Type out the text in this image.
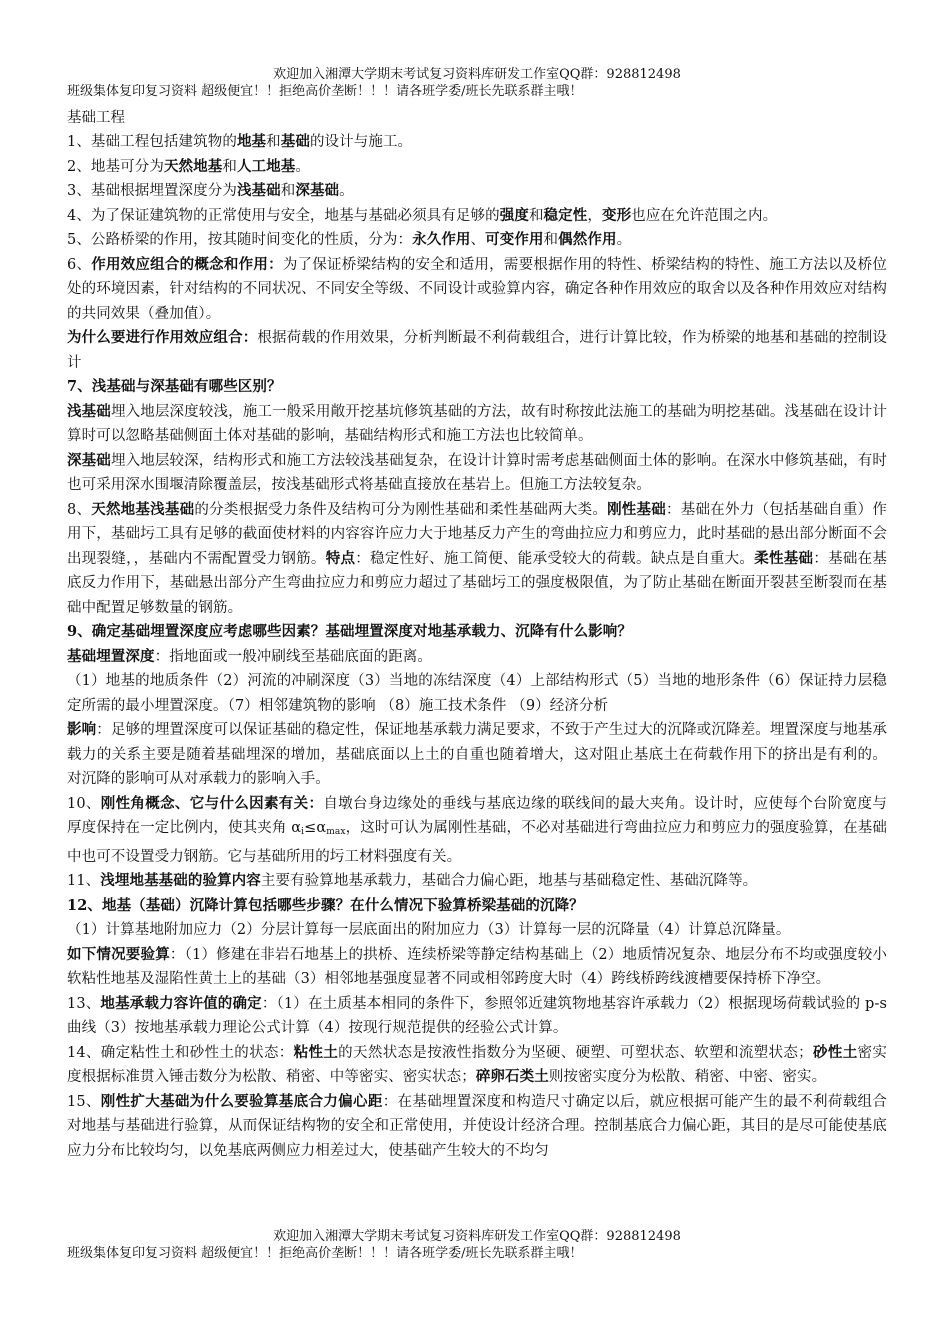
欢迎加入湘潭大学期末考试复习资料库研发工作室QQ群：928812498
班级集体复印复习资料 超级便宜！！拒绝高价垄断！！！请各班学委/班长先联系群主哦！
基础工程

1、基础工程包括建筑物的地基和基础的设计与施工。

2、地基可分为天然地基和人工地基。

3、基础根据埋置深度分为浅基础和深基础。

4、为了保证建筑物的正常使用与安全，地基与基础必须具有足够的强度和稳定性，变形也应在允许范围之内。

5、公路桥梁的作用，按其随时间变化的性质，分为：永久作用、可变作用和偶然作用。

6、作用效应组合的概念和作用：为了保证桥梁结构的安全和适用，需要根据作用的特性、桥梁结构的特性、施工方法以及桥位处的环境因素，针对结构的不同状况、不同安全等级、不同设计或验算内容，确定各种作用效应的取舍以及各种作用效应对结构的共同效果（叠加值）。

为什么要进行作用效应组合：根据荷载的作用效果，分析判断最不利荷载组合，进行计算比较，作为桥梁的地基和基础的控制设计

7、浅基础与深基础有哪些区别？

浅基础埋入地层深度较浅，施工一般采用敞开挖基坑修筑基础的方法，故有时称按此法施工的基础为明挖基础。浅基础在设计计算时可以忽略基础侧面土体对基础的影响，基础结构形式和施工方法也比较简单。

深基础埋入地层较深，结构形式和施工方法较浅基础复杂，在设计计算时需考虑基础侧面土体的影响。在深水中修筑基础，有时也可采用深水围堰清除覆盖层，按浅基础形式将基础直接放在基岩上。但施工方法较复杂。

8、天然地基浅基础的分类根据受力条件及结构可分为刚性基础和柔性基础两大类。刚性基础：基础在外力（包括基础自重）作用下，基础圬工具有足够的截面使材料的内容容许应力大于地基反力产生的弯曲拉应力和剪应力，此时基础的悬出部分断面不会出现裂缝，，基础内不需配置受力钢筋。特点：稳定性好、施工简便、能承受较大的荷载。缺点是自重大。柔性基础：基础在基底反力作用下，基础悬出部分产生弯曲拉应力和剪应力超过了基础圬工的强度极限值，为了防止基础在断面开裂甚至断裂而在基础中配置足够数量的钢筋。

9、确定基础埋置深度应考虑哪些因素？基础埋置深度对地基承载力、沉降有什么影响？

基础埋置深度：指地面或一般冲刷线至基础底面的距离。

（1）地基的地质条件（2）河流的冲刷深度（3）当地的冻结深度（4）上部结构形式（5）当地的地形条件（6）保证持力层稳定所需的最小埋置深度。（7）相邻建筑物的影响 （8）施工技术条件 （9）经济分析

影响：足够的埋置深度可以保证基础的稳定性，保证地基承载力满足要求，不致于产生过大的沉降或沉降差。埋置深度与地基承载力的关系主要是随着基础埋深的增加，基础底面以上土的自重也随着增大，这对阻止基底土在荷载作用下的挤出是有利的。 对沉降的影响可从对承载力的影响入手。

10、刚性角概念、它与什么因素有关：自墩台身边缘处的垂线与基底边缘的联线间的最大夹角。设计时，应使每个台阶宽度与厚度保持在一定比例内，使其夹角 $\alpha_i\le\alpha_{max}$，这时可认为属刚性基础，不必对基础进行弯曲拉应力和剪应力的强度验算，在基础中也可不设置受力钢筋。它与基础所用的圬工材料强度有关。

11、浅埋地基基础的验算内容主要有验算地基承载力，基础合力偏心距，地基与基础稳定性、基础沉降等。

12、地基（基础）沉降计算包括哪些步骤？在什么情况下验算桥梁基础的沉降？

（1）计算基地附加应力（2）分层计算每一层底面出的附加应力（3）计算每一层的沉降量（4）计算总沉降量。

如下情况要验算：（1）修建在非岩石地基上的拱桥、连续桥梁等静定结构基础上（2）地质情况复杂、地层分布不均或强度较小软粘性地基及湿陷性黄土上的基础（3）相邻地基强度显著不同或相邻跨度大时（4）跨线桥跨线渡槽要保持桥下净空。

13、地基承载力容许值的确定：（1）在土质基本相同的条件下，参照邻近建筑物地基容许承载力（2）根据现场荷载试验的 p-s 曲线（3）按地基承载力理论公式计算（4）按现行规范提供的经验公式计算。

14、确定粘性土和砂性土的状态：粘性土的天然状态是按液性指数分为坚硬、硬塑、可塑状态、软塑和流塑状态；砂性土密实度根据标准贯入锤击数分为松散、稍密、中等密实、密实状态；碎卵石类土则按密实度分为松散、稍密、中密、密实。

15、刚性扩大基础为什么要验算基底合力偏心距：在基础埋置深度和构造尺寸确定以后，就应根据可能产生的最不利荷载组合对地基与基础进行验算，从而保证结构物的安全和正常使用，并使设计经济合理。控制基底合力偏心距，其目的是尽可能使基底应力分布比较均匀，以免基底两侧应力相差过大，使基础产生较大的不均匀

欢迎加入湘潭大学期末考试复习资料库研发工作室QQ群：928812498
班级集体复印复习资料 超级便宜！！拒绝高价垄断！！！请各班学委/班长先联系群主哦！
